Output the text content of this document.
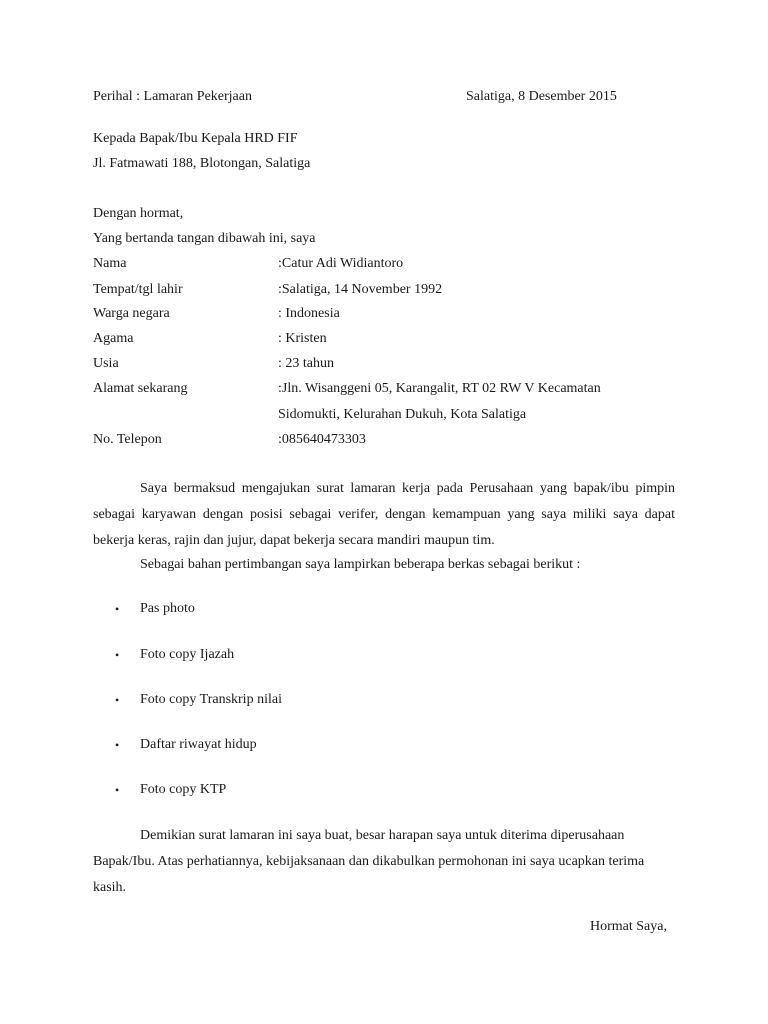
Perihal : Lamaran Pekerjaan	Salatiga, 8 Desember 2015
Kepada Bapak/Ibu Kepala HRD FIF
Jl. Fatmawati 188, Blotongan, Salatiga
Dengan hormat,
Yang bertanda tangan dibawah ini, saya
Nama	:Catur Adi Widiantoro
Tempat/tgl lahir	:Salatiga, 14 November 1992
Warga negara	: Indonesia
Agama	: Kristen
Usia	: 23 tahun
Alamat sekarang	:Jln. Wisanggeni 05, Karangalit, RT 02 RW V Kecamatan
Sidomukti, Kelurahan Dukuh, Kota Salatiga
No. Telepon	:085640473303
Saya bermaksud mengajukan surat lamaran kerja pada Perusahaan yang bapak/ibu pimpin sebagai karyawan dengan posisi sebagai verifer, dengan kemampuan yang saya miliki saya dapat bekerja keras, rajin dan jujur, dapat bekerja secara mandiri maupun tim.
Sebagai bahan pertimbangan saya lampirkan beberapa berkas sebagai berikut :
• Pas photo
• Foto copy Ijazah
• Foto copy Transkrip nilai
• Daftar riwayat hidup
• Foto copy KTP
Demikian surat lamaran ini saya buat, besar harapan saya untuk diterima diperusahaan Bapak/Ibu. Atas perhatiannya, kebijaksanaan dan dikabulkan permohonan ini saya ucapkan terima kasih.
Hormat Saya,
